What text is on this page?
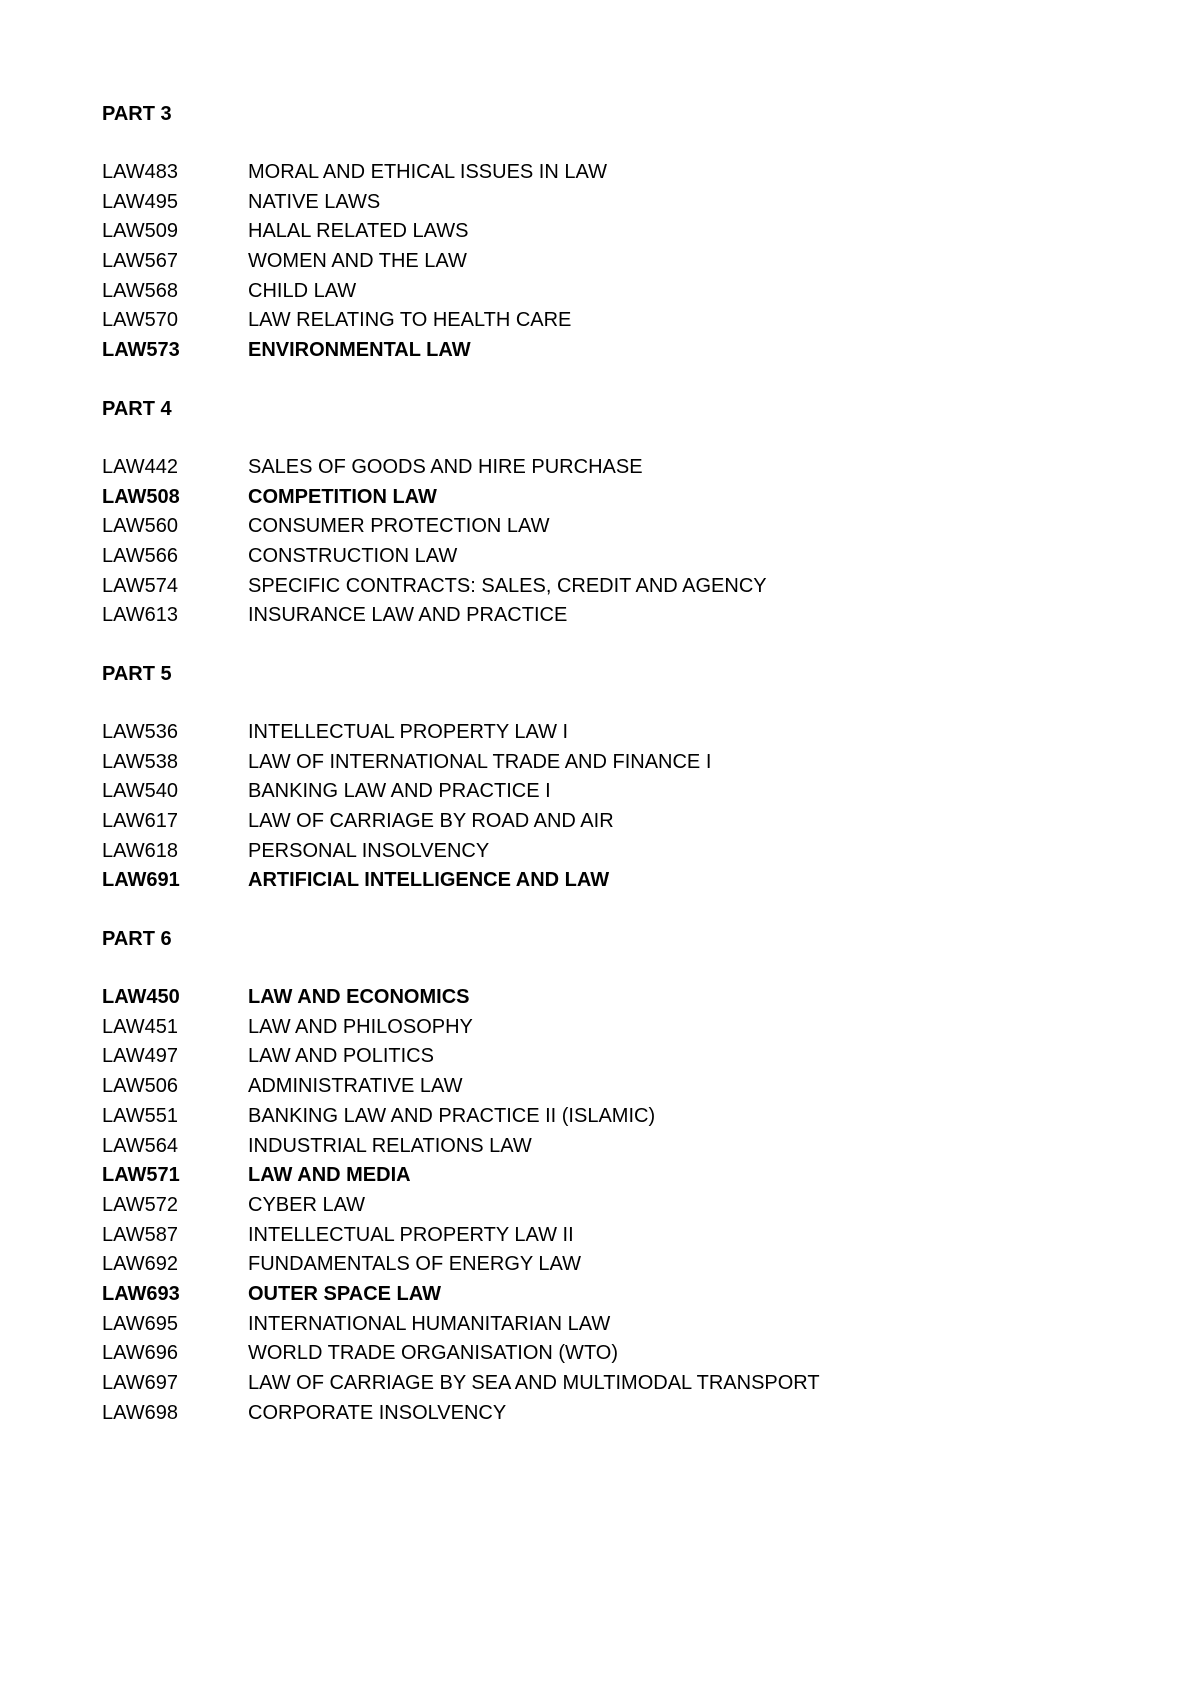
PART 3
LAW483	MORAL AND ETHICAL ISSUES IN LAW
LAW495	NATIVE LAWS
LAW509	HALAL RELATED LAWS
LAW567	WOMEN AND THE LAW
LAW568	CHILD LAW
LAW570	LAW RELATING TO HEALTH CARE
LAW573	ENVIRONMENTAL LAW
PART 4
LAW442	SALES OF GOODS AND HIRE PURCHASE
LAW508	COMPETITION LAW
LAW560	CONSUMER PROTECTION LAW
LAW566	CONSTRUCTION LAW
LAW574	SPECIFIC CONTRACTS: SALES, CREDIT AND AGENCY
LAW613	INSURANCE LAW AND PRACTICE
PART 5
LAW536	INTELLECTUAL PROPERTY LAW I
LAW538	LAW OF INTERNATIONAL TRADE AND FINANCE I
LAW540	BANKING LAW AND PRACTICE I
LAW617	LAW OF CARRIAGE BY ROAD AND AIR
LAW618	PERSONAL INSOLVENCY
LAW691	ARTIFICIAL INTELLIGENCE AND LAW
PART 6
LAW450	LAW AND ECONOMICS
LAW451	LAW AND PHILOSOPHY
LAW497	LAW AND POLITICS
LAW506	ADMINISTRATIVE LAW
LAW551	BANKING LAW AND PRACTICE II (ISLAMIC)
LAW564	INDUSTRIAL RELATIONS LAW
LAW571	LAW AND MEDIA
LAW572	CYBER LAW
LAW587	INTELLECTUAL PROPERTY LAW II
LAW692	FUNDAMENTALS OF ENERGY LAW
LAW693	OUTER SPACE LAW
LAW695	INTERNATIONAL HUMANITARIAN LAW
LAW696	WORLD TRADE ORGANISATION (WTO)
LAW697	LAW OF CARRIAGE BY SEA AND MULTIMODAL TRANSPORT
LAW698	CORPORATE INSOLVENCY
